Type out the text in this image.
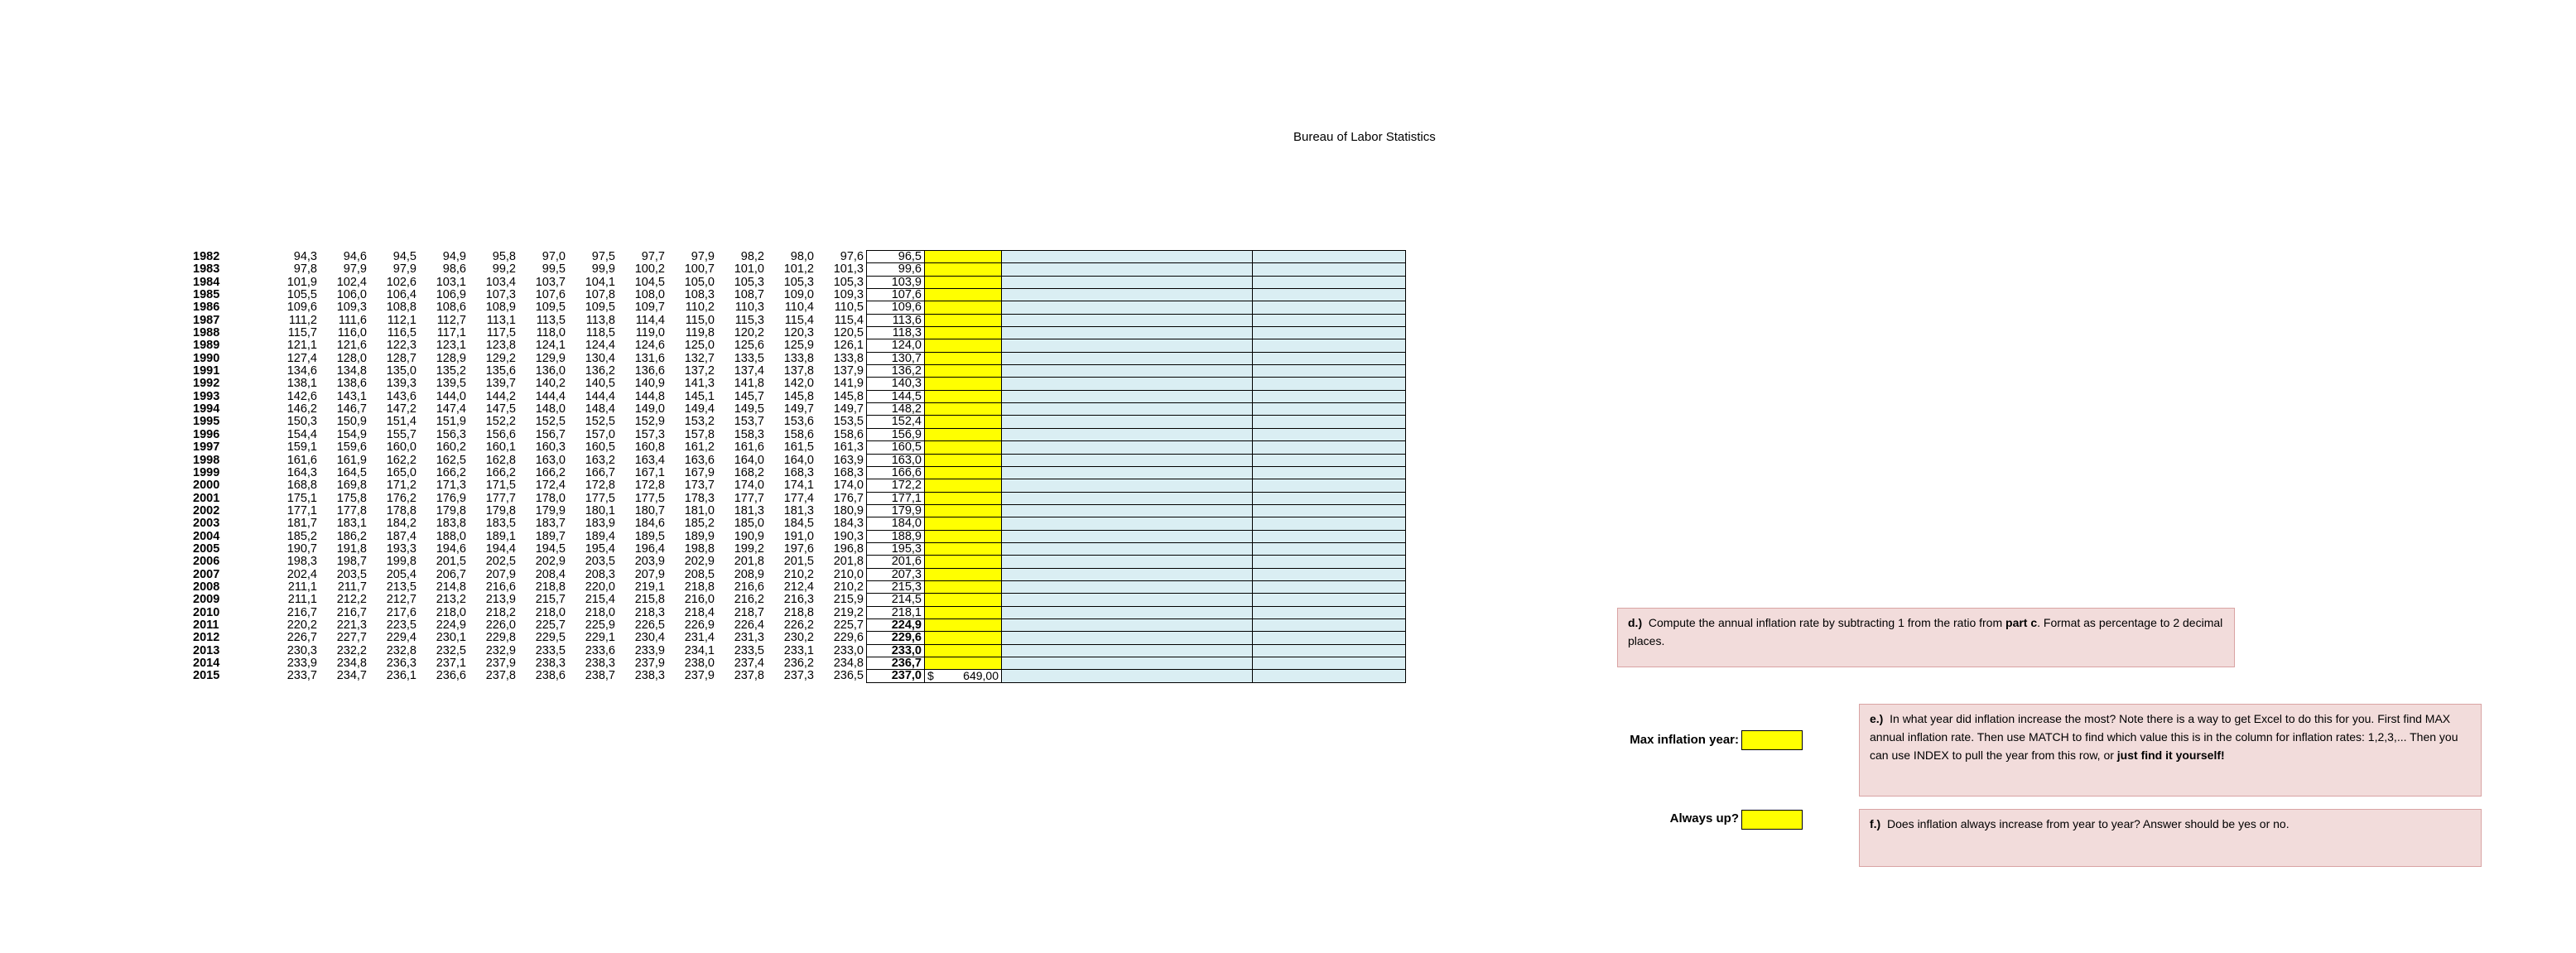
Bureau of Labor Statistics
1982	94,3	94,6	94,5	94,9	95,8	97,0	97,5	97,7	97,9	98,2	98,0	97,6	96,5			
1983	97,8	97,9	97,9	98,6	99,2	99,5	99,9	100,2	100,7	101,0	101,2	101,3	99,6			
1984	101,9	102,4	102,6	103,1	103,4	103,7	104,1	104,5	105,0	105,3	105,3	105,3	103,9			
1985	105,5	106,0	106,4	106,9	107,3	107,6	107,8	108,0	108,3	108,7	109,0	109,3	107,6			
1986	109,6	109,3	108,8	108,6	108,9	109,5	109,5	109,7	110,2	110,3	110,4	110,5	109,6			
1987	111,2	111,6	112,1	112,7	113,1	113,5	113,8	114,4	115,0	115,3	115,4	115,4	113,6			
1988	115,7	116,0	116,5	117,1	117,5	118,0	118,5	119,0	119,8	120,2	120,3	120,5	118,3			
1989	121,1	121,6	122,3	123,1	123,8	124,1	124,4	124,6	125,0	125,6	125,9	126,1	124,0			
1990	127,4	128,0	128,7	128,9	129,2	129,9	130,4	131,6	132,7	133,5	133,8	133,8	130,7			
1991	134,6	134,8	135,0	135,2	135,6	136,0	136,2	136,6	137,2	137,4	137,8	137,9	136,2			
1992	138,1	138,6	139,3	139,5	139,7	140,2	140,5	140,9	141,3	141,8	142,0	141,9	140,3			
1993	142,6	143,1	143,6	144,0	144,2	144,4	144,4	144,8	145,1	145,7	145,8	145,8	144,5			
1994	146,2	146,7	147,2	147,4	147,5	148,0	148,4	149,0	149,4	149,5	149,7	149,7	148,2			
1995	150,3	150,9	151,4	151,9	152,2	152,5	152,5	152,9	153,2	153,7	153,6	153,5	152,4			
1996	154,4	154,9	155,7	156,3	156,6	156,7	157,0	157,3	157,8	158,3	158,6	158,6	156,9			
1997	159,1	159,6	160,0	160,2	160,1	160,3	160,5	160,8	161,2	161,6	161,5	161,3	160,5			
1998	161,6	161,9	162,2	162,5	162,8	163,0	163,2	163,4	163,6	164,0	164,0	163,9	163,0			
1999	164,3	164,5	165,0	166,2	166,2	166,2	166,7	167,1	167,9	168,2	168,3	168,3	166,6			
2000	168,8	169,8	171,2	171,3	171,5	172,4	172,8	172,8	173,7	174,0	174,1	174,0	172,2			
2001	175,1	175,8	176,2	176,9	177,7	178,0	177,5	177,5	178,3	177,7	177,4	176,7	177,1			
2002	177,1	177,8	178,8	179,8	179,8	179,9	180,1	180,7	181,0	181,3	181,3	180,9	179,9			
2003	181,7	183,1	184,2	183,8	183,5	183,7	183,9	184,6	185,2	185,0	184,5	184,3	184,0			
2004	185,2	186,2	187,4	188,0	189,1	189,7	189,4	189,5	189,9	190,9	191,0	190,3	188,9			
2005	190,7	191,8	193,3	194,6	194,4	194,5	195,4	196,4	198,8	199,2	197,6	196,8	195,3			
2006	198,3	198,7	199,8	201,5	202,5	202,9	203,5	203,9	202,9	201,8	201,5	201,8	201,6			
2007	202,4	203,5	205,4	206,7	207,9	208,4	208,3	207,9	208,5	208,9	210,2	210,0	207,3			
2008	211,1	211,7	213,5	214,8	216,6	218,8	220,0	219,1	218,8	216,6	212,4	210,2	215,3			
2009	211,1	212,2	212,7	213,2	213,9	215,7	215,4	215,8	216,0	216,2	216,3	215,9	214,5			
2010	216,7	216,7	217,6	218,0	218,2	218,0	218,0	218,3	218,4	218,7	218,8	219,2	218,1			
2011	220,2	221,3	223,5	224,9	226,0	225,7	225,9	226,5	226,9	226,4	226,2	225,7	224,9			
2012	226,7	227,7	229,4	230,1	229,8	229,5	229,1	230,4	231,4	231,3	230,2	229,6	229,6			
2013	230,3	232,2	232,8	232,5	232,9	233,5	233,6	233,9	234,1	233,5	233,1	233,0	233,0			
2014	233,9	234,8	236,3	237,1	237,9	238,3	238,3	237,9	238,0	237,4	236,2	234,8	236,7			
2015	233,7	234,7	236,1	236,6	237,8	238,6	238,7	238,3	237,9	237,8	237,3	236,5	237,0	$ 649,00		

d.) Compute the annual inflation rate by subtracting 1 from the ratio from part c. Format as percentage to 2 decimal places.
Max inflation year:
e.) In what year did inflation increase the most? Note there is a way to get Excel to do this for you. First find MAX annual inflation rate. Then use MATCH to find which value this is in the column for inflation rates: 1,2,3,... Then you can use INDEX to pull the year from this row, or just find it yourself!
Always up?	f.) Does inflation always increase from year to year? Answer should be yes or no.
